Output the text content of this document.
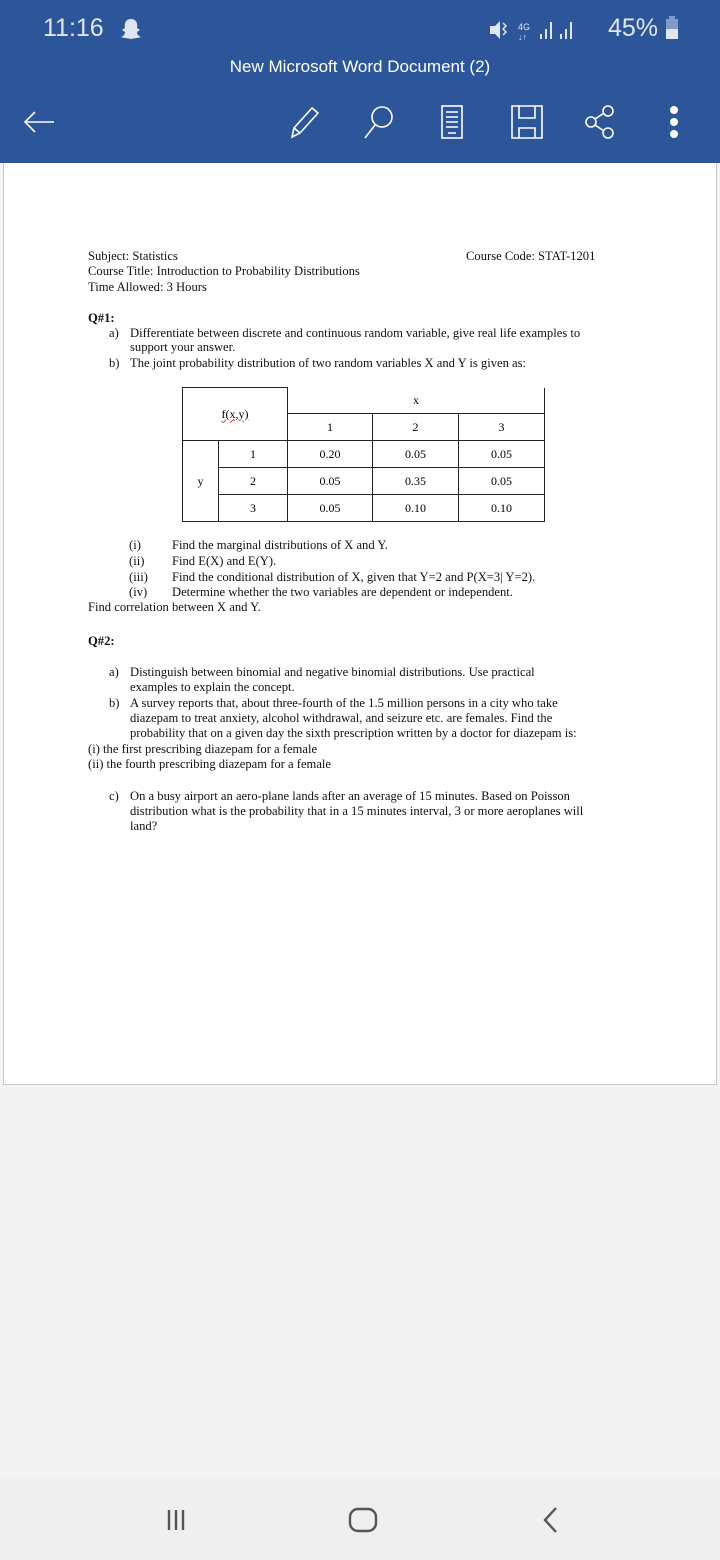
11:16	4G
↓↑	45%
New Microsoft Word Document (2)
Subject: Statistics	Course Code: STAT-1201
Course Title: Introduction to Probability Distributions
Time Allowed: 3 Hours
Q#1:
a) Differentiate between discrete and continuous random variable, give real life examples to
support your answer.
b) The joint probability distribution of two random variables X and Y is given as:
f(x,y)		x		
		1	2	3
y	1	0.20	0.05	0.05
	2	0.05	0.35	0.05
	3	0.05	0.10	0.10
(i) Find the marginal distributions of X and Y.
(ii) Find E(X) and E(Y).
(iii) Find the conditional distribution of X, given that Y=2 and P(X=3| Y=2).
(iv) Determine whether the two variables are dependent or independent.
Find correlation between X and Y.
Q#2:
a) Distinguish between binomial and negative binomial distributions. Use practical
examples to explain the concept.
b) A survey reports that, about three-fourth of the 1.5 million persons in a city who take
diazepam to treat anxiety, alcohol withdrawal, and seizure etc. are females. Find the
probability that on a given day the sixth prescription written by a doctor for diazepam is:
(i) the first prescribing diazepam for a female
(ii) the fourth prescribing diazepam for a female
c) On a busy airport an aero-plane lands after an average of 15 minutes. Based on Poisson
distribution what is the probability that in a 15 minutes interval, 3 or more aeroplanes will
land?
